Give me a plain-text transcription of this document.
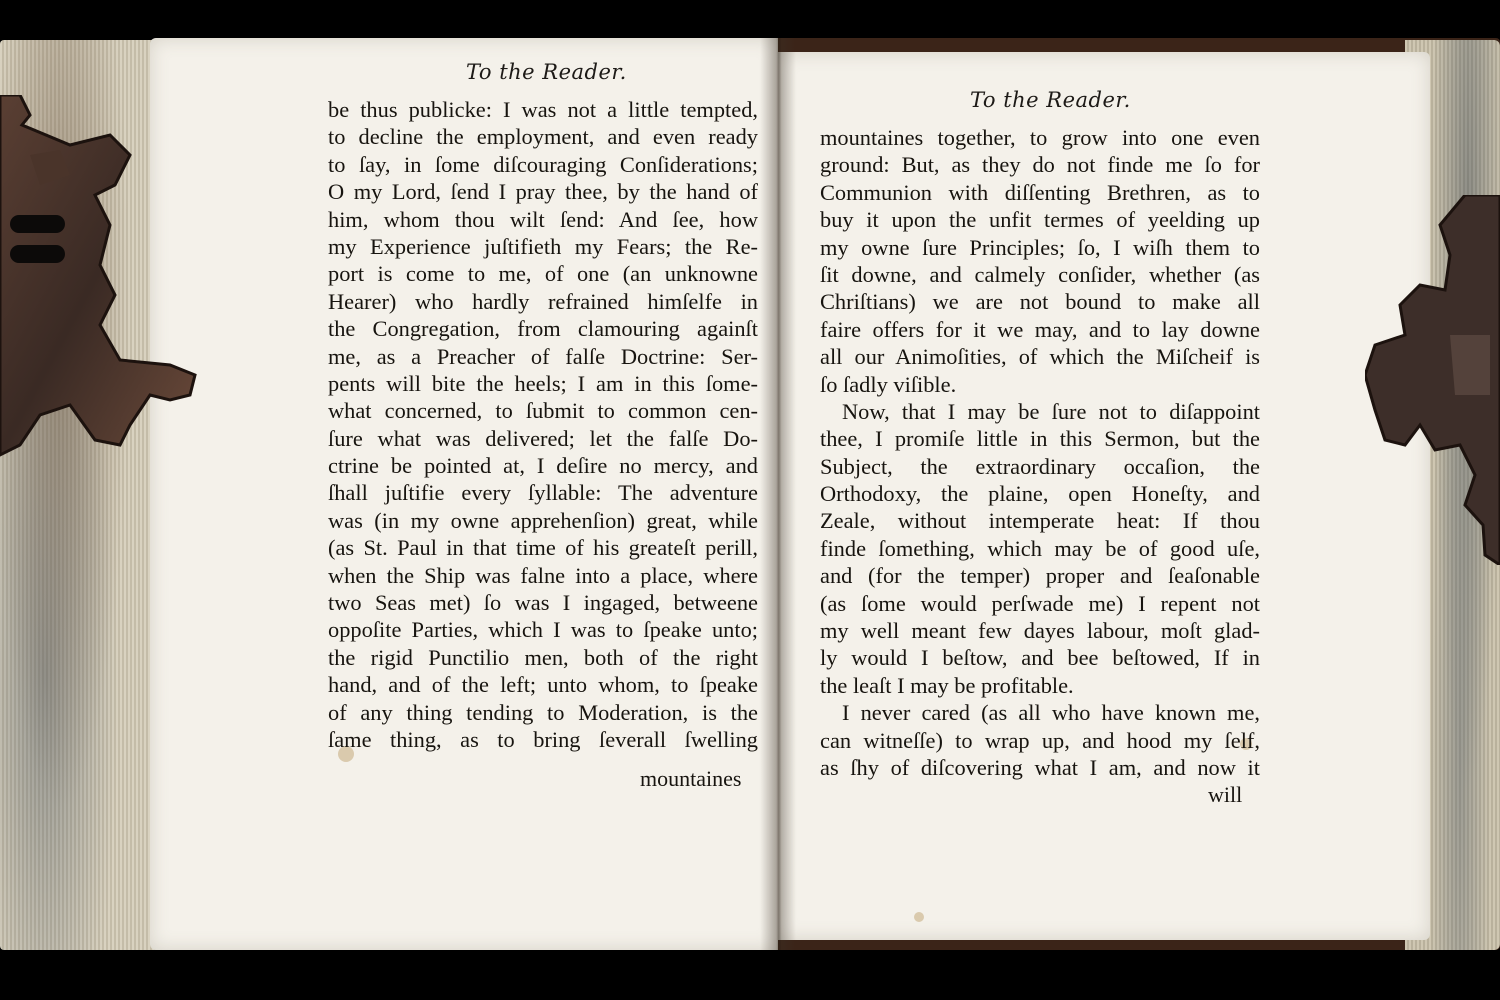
To the Reader.
To the Reader.
be thus publicke: I was not a little tempted,
to decline the employment, and even ready
to ſay, in ſome diſcouraging Conſiderations;
O my Lord, ſend I pray thee, by the hand of
him, whom thou wilt ſend: And ſee, how
my Experience juſtifieth my Fears; the Re-
port is come to me, of one (an unknowne
Hearer) who hardly refrained himſelfe in
the Congregation, from clamouring againſt
me, as a Preacher of falſe Doctrine: Ser-
pents will bite the heels; I am in this ſome-
what concerned, to ſubmit to common cen-
ſure what was delivered; let the falſe Do-
ctrine be pointed at, I deſire no mercy, and
ſhall juſtifie every ſyllable: The adventure
was (in my owne apprehenſion) great, while
(as St. Paul in that time of his greateſt perill,
when the Ship was falne into a place, where
two Seas met) ſo was I ingaged, betweene
oppoſite Parties, which I was to ſpeake unto;
the rigid Punctilio men, both of the right
hand, and of the left; unto whom, to ſpeake
of any thing tending to Moderation, is the
ſame thing, as to bring ſeverall ſwelling
mountaines
mountaines together, to grow into one even
ground: But, as they do not finde me ſo for
Communion with diſſenting Brethren, as to
buy it upon the unfit termes of yeelding up
my owne ſure Principles; ſo, I wiſh them to
ſit downe, and calmely conſider, whether (as
Chriſtians) we are not bound to make all
faire offers for it we may, and to lay downe
all our Animoſities, of which the Miſcheif is
ſo ſadly viſible.
Now, that I may be ſure not to diſappoint
thee, I promiſe little in this Sermon, but the
Subject, the extraordinary occaſion, the
Orthodoxy, the plaine, open Honeſty, and
Zeale, without intemperate heat: If thou
finde ſomething, which may be of good uſe,
and (for the temper) proper and ſeaſonable
(as ſome would perſwade me) I repent not
my well meant few dayes labour, moſt glad-
ly would I beſtow, and bee beſtowed, If in
the leaſt I may be profitable.
I never cared (as all who have known me,
can witneſſe) to wrap up, and hood my ſelf,
as ſhy of diſcovering what I am, and now it
will
